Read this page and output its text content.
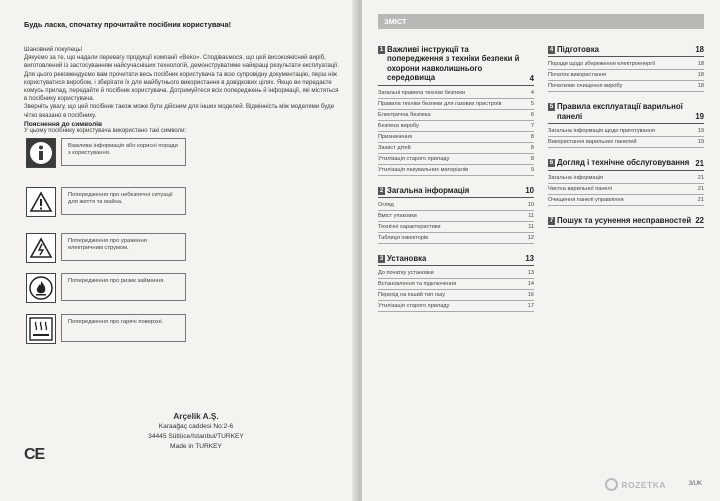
Будь ласка, спочатку прочитайте посібник користувача!

Шановний покупець!

Дякуємо за те, що надали перевагу продукції компанії «Beko». Сподіваємося, що цей високоякісний виріб, виготовлений із застосуванням найсучасніших технологій, демонструватиме найкращі результати експлуатації. Для цього рекомендуємо вам прочитати весь посібник користувача та всю супровідну документацію, перш ніж користуватися виробом, і зберігати їх для майбутнього використання в довідкових цілях. Якщо ви передаєте комусь прилад, передайте й посібник користувача. Дотримуйтеся всіх попереджень й інформації, які містяться в посібнику користувача.

Зверніть увагу, що цей посібник також може бути дійсним для інших моделей. Відмінність між моделями буде чітко вказано в посібнику.

Пояснення до символів
У цьому посібнику користувача використано такі символи:
Важлива інформація або корисні поради з користування.
Попередження про небезпечні ситуації для життя та майна.
Попередження про ураження електричним струмом.
Попередження про ризик займання.
Попередження про гарячі поверхні.
Arçelik A.Ş.
Karaağaç caddesi No:2-6
34445 Sütlüce/Istanbul/TURKEY
Made in TURKEY
CE
ЗМІСТ
1 Важливі інструкції та попередження з техніки безпеки й охорони навколишнього середовища	4
Загальні правила техніки безпеки	4
Правила техніки безпеки для газових пристроїв	5
Електрична безпека	6
Безпека виробу	7
Призначення	8
Захист дітей	8
Утилізація старого приладу	8
Утилізація пакувальних матеріалів	9
2 Загальна інформація	10
Огляд	10
Вміст упаковки	11
Технічні характеристики	11
Таблиця інжекторів	12
3 Установка	13
До початку установки	13
Встановлення та підключення	14
Перехід на інший тип газу	16
Утилізація старого приладу	17
4 Підготовка	18
Поради щодо збереження електроенергії	18
Початок використання	18
Початкове очищення виробу	18
5 Правила експлуатації варильної панелі	19
Загальна інформація щодо приготування	19
Використання варильних панелей	19
6 Догляд і технічне обслуговування 21
Загальна інформація	21
Чистка варильної панелі	21
Очищення панелі управління	21
7 Пошук та усунення несправностей 22
ROZETKA	3/UK
